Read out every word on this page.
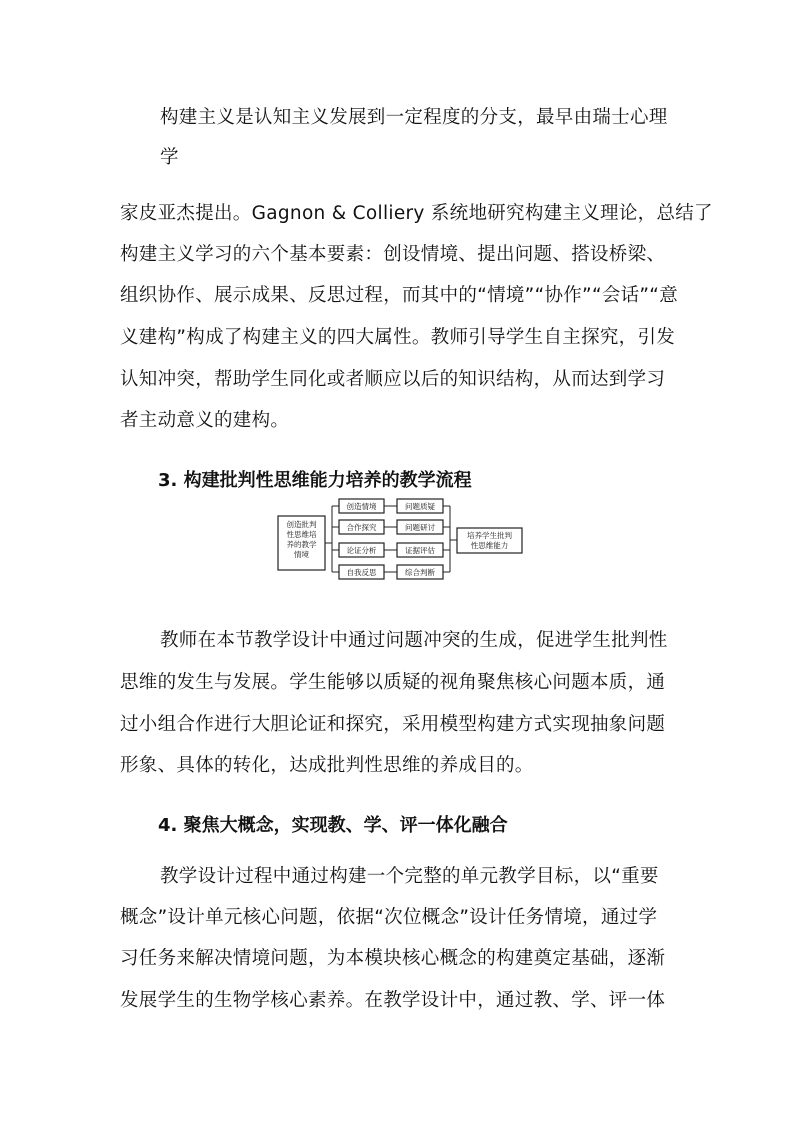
构建主义是认知主义发展到一定程度的分支，最早由瑞士心理
学
家皮亚杰提出。Gagnon & Colliery 系统地研究构建主义理论，总结了
构建主义学习的六个基本要素：创设情境、提出问题、搭设桥梁、
组织协作、展示成果、反思过程，而其中的“情境”“协作”“会话”“意
义建构”构成了构建主义的四大属性。教师引导学生自主探究，引发
认知冲突，帮助学生同化或者顺应以后的知识结构，从而达到学习
者主动意义的建构。
3. 构建批判性思维能力培养的教学流程
创造批判
性思维培
养的教学
情境
创造情境
合作探究
论证分析
自我反思
问题质疑
问题研讨
证据评估
综合判断
培养学生批判
性思维能力
教师在本节教学设计中通过问题冲突的生成，促进学生批判性
思维的发生与发展。学生能够以质疑的视角聚焦核心问题本质，通
过小组合作进行大胆论证和探究，采用模型构建方式实现抽象问题
形象、具体的转化，达成批判性思维的养成目的。
4. 聚焦大概念，实现教、学、评一体化融合
教学设计过程中通过构建一个完整的单元教学目标，以“重要
概念”设计单元核心问题，依据“次位概念”设计任务情境，通过学
习任务来解决情境问题，为本模块核心概念的构建奠定基础，逐渐
发展学生的生物学核心素养。在教学设计中，通过教、学、评一体
